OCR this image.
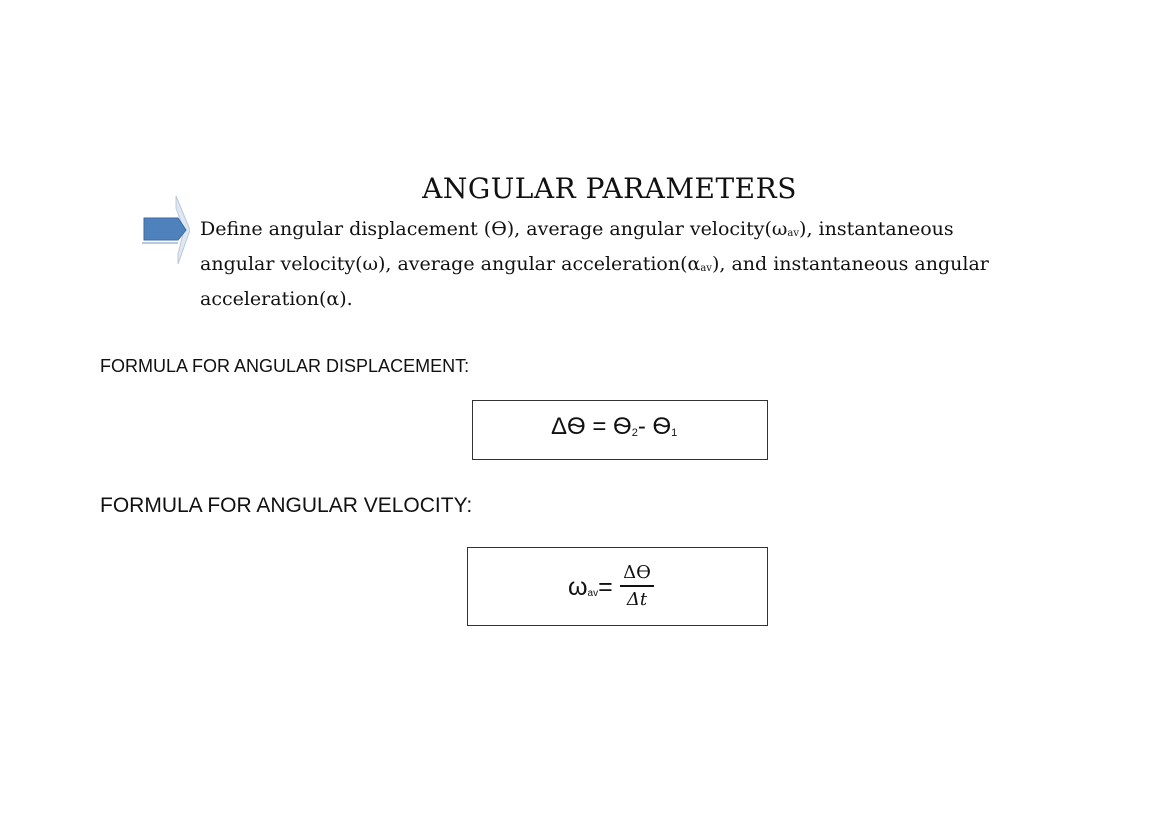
ANGULAR PARAMETERS
Define angular displacement (Ѳ), average angular velocity(ωav), instantaneous angular velocity(ω), average angular acceleration(αav), and instantaneous angular acceleration(α).
FORMULA FOR ANGULAR DISPLACEMENT:
ΔѲ = Ѳ2- Ѳ1
FORMULA FOR ANGULAR VELOCITY:
ωav=
ΔѲ
Δt
